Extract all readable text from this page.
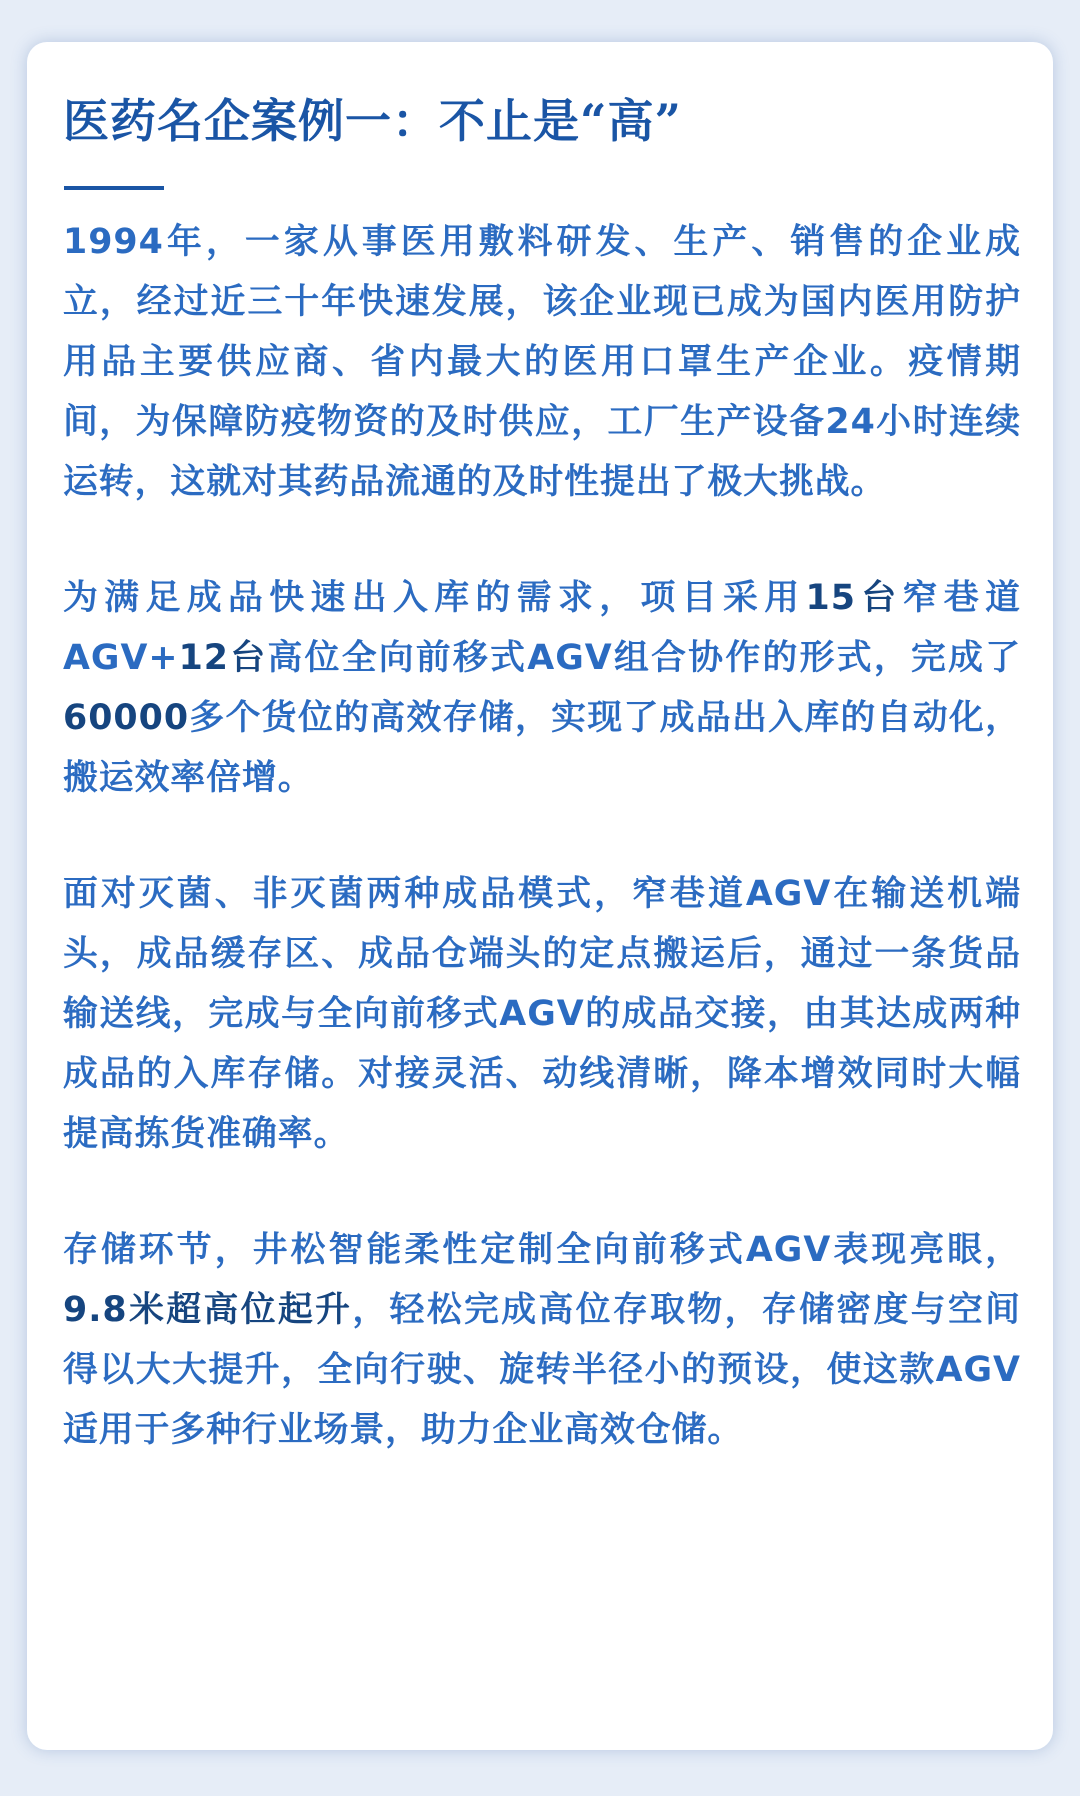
医药名企案例一：不止是“高”

1994年，一家从事医用敷料研发、生产、销售的企业成立，经过近三十年快速发展，该企业现已成为国内医用防护用品主要供应商、省内最大的医用口罩生产企业。疫情期间，为保障防疫物资的及时供应，工厂生产设备24小时连续运转，这就对其药品流通的及时性提出了极大挑战。

为满足成品快速出入库的需求，项目采用15台窄巷道AGV+12台高位全向前移式AGV组合协作的形式，完成了60000多个货位的高效存储，实现了成品出入库的自动化，搬运效率倍增。

面对灭菌、非灭菌两种成品模式，窄巷道AGV在输送机端头，成品缓存区、成品仓端头的定点搬运后，通过一条货品输送线，完成与全向前移式AGV的成品交接，由其达成两种成品的入库存储。对接灵活、动线清晰，降本增效同时大幅提高拣货准确率。

存储环节，井松智能柔性定制全向前移式AGV表现亮眼，9.8米超高位起升，轻松完成高位存取物，存储密度与空间得以大大提升，全向行驶、旋转半径小的预设，使这款AGV适用于多种行业场景，助力企业高效仓储。
